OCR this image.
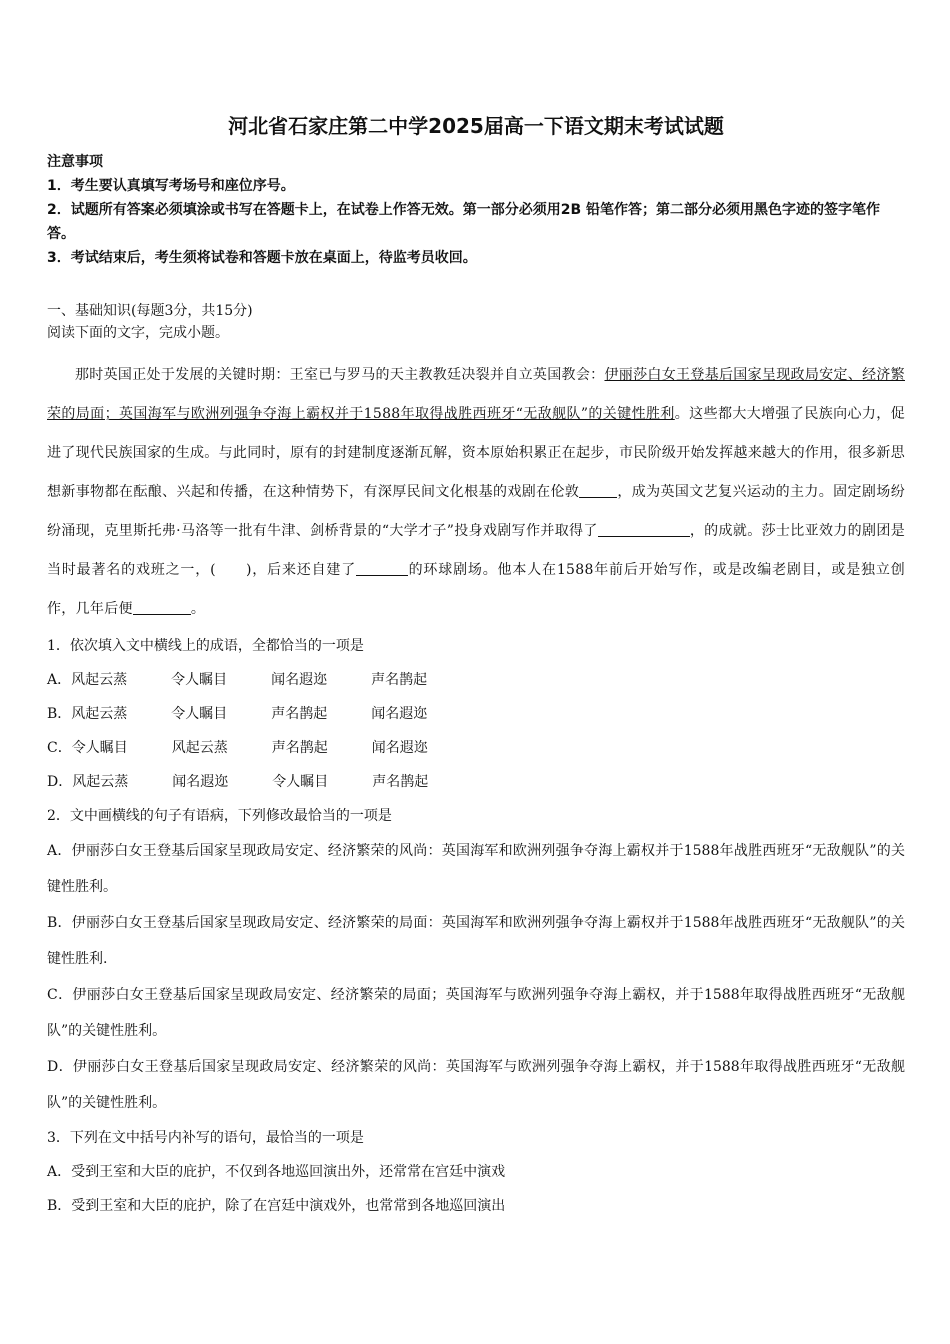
河北省石家庄第二中学2025届高一下语文期末考试试题

注意事项

1．考生要认真填写考场号和座位序号。

2．试题所有答案必须填涂或书写在答题卡上，在试卷上作答无效。第一部分必须用2B 铅笔作答；第二部分必须用黑色字迹的签字笔作答。

3．考试结束后，考生须将试卷和答题卡放在桌面上，待监考员收回。

一、基础知识(每题3分，共15分)

阅读下面的文字，完成小题。

那时英国正处于发展的关键时期：王室已与罗马的天主教教廷决裂并自立英国教会：伊丽莎白女王登基后国家呈现政局安定、经济繁荣的局面；英国海军与欧洲列强争夺海上霸权并于1588年取得战胜西班牙“无敌舰队”的关键性胜利。这些都大大增强了民族向心力，促进了现代民族国家的生成。与此同时，原有的封建制度逐渐瓦解，资本原始积累正在起步，市民阶级开始发挥越来越大的作用，很多新思想新事物都在酝酿、兴起和传播，在这种情势下，有深厚民间文化根基的戏剧在伦敦	，成为英国文艺复兴运动的主力。固定剧场纷纷涌现，克里斯托弗·马洛等一批有牛津、剑桥背景的“大学才子”投身戏剧写作并取得了	，的成就。莎士比亚效力的剧团是当时最著名的戏班之一，(　　)，后来还自建了	的环球剧场。他本人在1588年前后开始写作，或是改编老剧目，或是独立创作，几年后便	。

1．依次填入文中横线上的成语，全都恰当的一项是

A．风起云蒸	令人瞩目	闻名遐迩	声名鹊起

B．风起云蒸	令人瞩目	声名鹊起	闻名遐迩

C．令人瞩目	风起云蒸	声名鹊起	闻名遐迩

D．风起云蒸	闻名遐迩	令人瞩目	声名鹊起

2．文中画横线的句子有语病，下列修改最恰当的一项是

A．伊丽莎白女王登基后国家呈现政局安定、经济繁荣的风尚：英国海军和欧洲列强争夺海上霸权并于1588年战胜西班牙“无敌舰队”的关键性胜利。

B．伊丽莎白女王登基后国家呈现政局安定、经济繁荣的局面：英国海军和欧洲列强争夺海上霸权并于1588年战胜西班牙“无敌舰队”的关键性胜利.

C．伊丽莎白女王登基后国家呈现政局安定、经济繁荣的局面；英国海军与欧洲列强争夺海上霸权，并于1588年取得战胜西班牙“无敌舰队”的关键性胜利。

D．伊丽莎白女王登基后国家呈现政局安定、经济繁荣的风尚：英国海军与欧洲列强争夺海上霸权，并于1588年取得战胜西班牙“无敌舰队”的关键性胜利。

3．下列在文中括号内补写的语句，最恰当的一项是

A．受到王室和大臣的庇护，不仅到各地巡回演出外，还常常在宫廷中演戏

B．受到王室和大臣的庇护，除了在宫廷中演戏外，也常常到各地巡回演出
